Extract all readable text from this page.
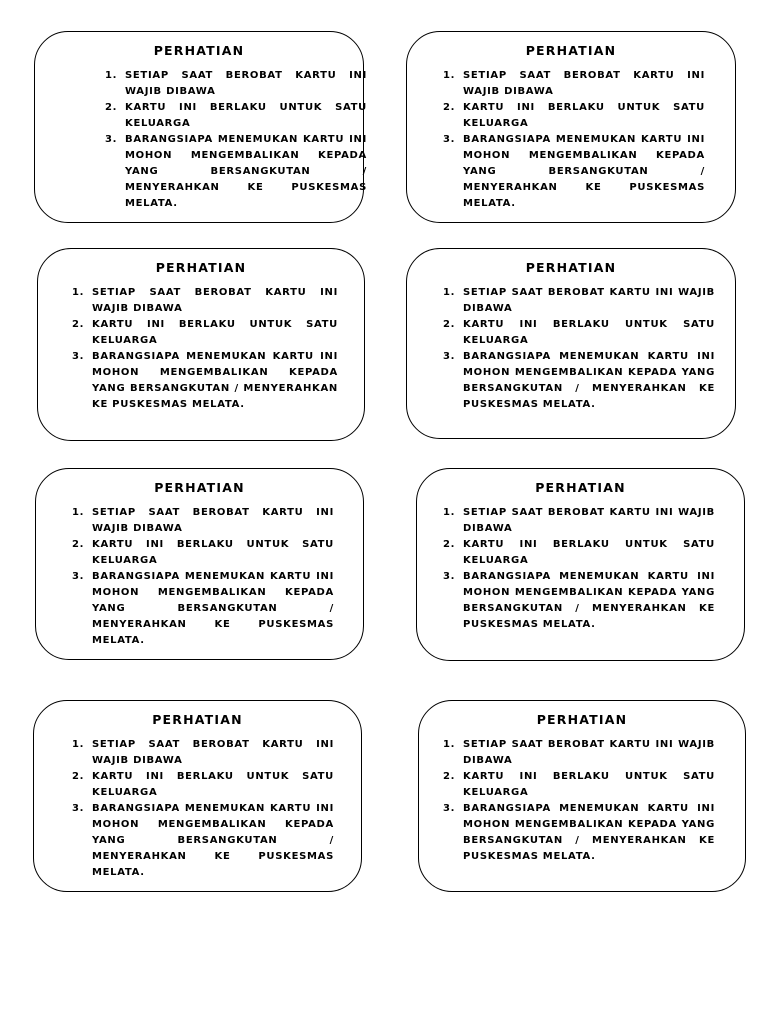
PERHATIAN
1. SETIAP SAAT BEROBAT KARTU INI WAJIB DIBAWA
2. KARTU INI BERLAKU UNTUK SATU KELUARGA
3. BARANGSIAPA MENEMUKAN KARTU INI MOHON MENGEMBALIKAN KEPADA YANG BERSANGKUTAN / MENYERAHKAN KE PUSKESMAS MELATA.
PERHATIAN
1. SETIAP SAAT BEROBAT KARTU INI WAJIB DIBAWA
2. KARTU INI BERLAKU UNTUK SATU KELUARGA
3. BARANGSIAPA MENEMUKAN KARTU INI MOHON MENGEMBALIKAN KEPADA YANG BERSANGKUTAN / MENYERAHKAN KE PUSKESMAS MELATA.
PERHATIAN
1. SETIAP SAAT BEROBAT KARTU INI WAJIB DIBAWA
2. KARTU INI BERLAKU UNTUK SATU KELUARGA
3. BARANGSIAPA MENEMUKAN KARTU INI MOHON MENGEMBALIKAN KEPADA YANG BERSANGKUTAN / MENYERAHKAN KE PUSKESMAS MELATA.
PERHATIAN
1. SETIAP SAAT BEROBAT KARTU INI WAJIB DIBAWA
2. KARTU INI BERLAKU UNTUK SATU KELUARGA
3. BARANGSIAPA MENEMUKAN KARTU INI MOHON MENGEMBALIKAN KEPADA YANG BERSANGKUTAN / MENYERAHKAN KE PUSKESMAS MELATA.
PERHATIAN
1. SETIAP SAAT BEROBAT KARTU INI WAJIB DIBAWA
2. KARTU INI BERLAKU UNTUK SATU KELUARGA
3. BARANGSIAPA MENEMUKAN KARTU INI MOHON MENGEMBALIKAN KEPADA YANG BERSANGKUTAN / MENYERAHKAN KE PUSKESMAS MELATA.
PERHATIAN
1. SETIAP SAAT BEROBAT KARTU INI WAJIB DIBAWA
2. KARTU INI BERLAKU UNTUK SATU KELUARGA
3. BARANGSIAPA MENEMUKAN KARTU INI MOHON MENGEMBALIKAN KEPADA YANG BERSANGKUTAN / MENYERAHKAN KE PUSKESMAS MELATA.
PERHATIAN
1. SETIAP SAAT BEROBAT KARTU INI WAJIB DIBAWA
2. KARTU INI BERLAKU UNTUK SATU KELUARGA
3. BARANGSIAPA MENEMUKAN KARTU INI MOHON MENGEMBALIKAN KEPADA YANG BERSANGKUTAN / MENYERAHKAN KE PUSKESMAS MELATA.
PERHATIAN
1. SETIAP SAAT BEROBAT KARTU INI WAJIB DIBAWA
2. KARTU INI BERLAKU UNTUK SATU KELUARGA
3. BARANGSIAPA MENEMUKAN KARTU INI MOHON MENGEMBALIKAN KEPADA YANG BERSANGKUTAN / MENYERAHKAN KE PUSKESMAS MELATA.
